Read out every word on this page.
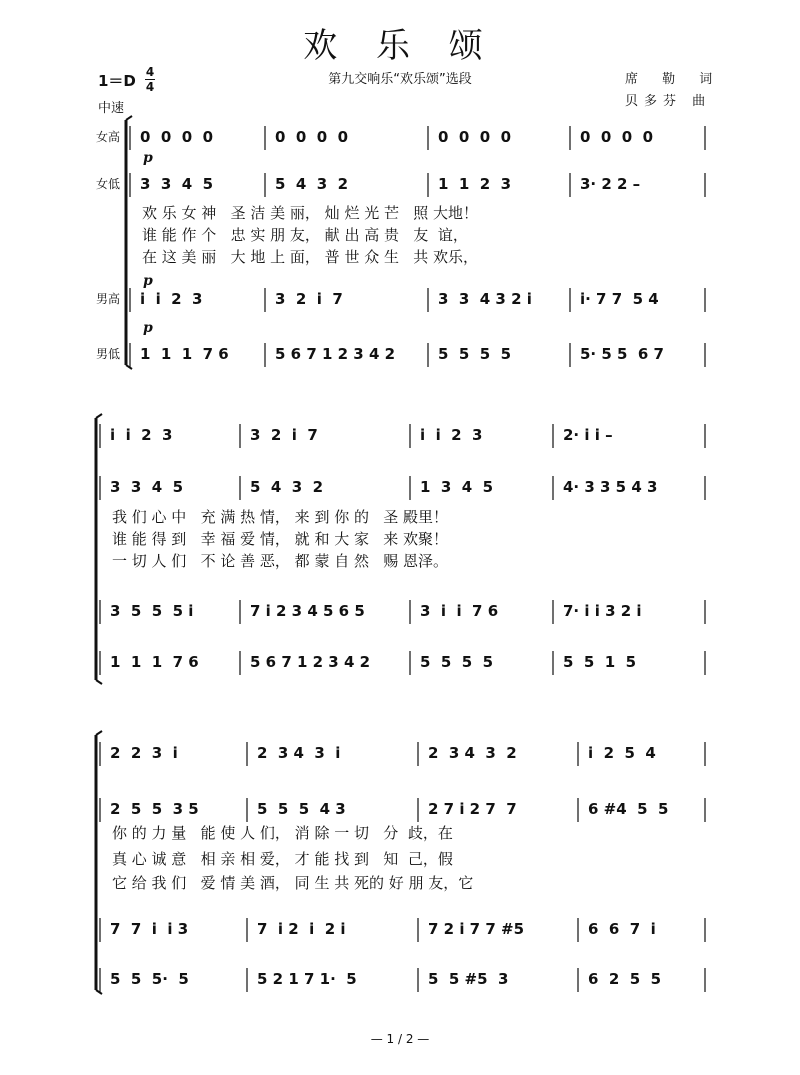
欢 乐 颂
1＝D 4
4
中速
第九交响乐“欢乐颂”选段	席 勒 词
贝多芬 曲
0  0  0  0	0  0  0  0	0  0  0  0	0  0  0  0
3  3  4  5	5  4  3  2	1  1  2  3	3· 2 2 –
i  i  2  3	3  2  i  7	3  3  4 3 2 i	i· 7 7  5 4
1  1  1  7 6	5 6 7 1 2 3 4 2	5  5  5  5	5· 5 5  6 7
欢 乐 女 神   圣 洁 美 丽， 灿 烂 光 芒   照 大地！
谁 能 作 个   忠 实 朋 友， 献 出 高 贵   友  谊，
在 这 美 丽   大 地 上 面， 普 世 众 生   共 欢乐，
女高
女低
男高
男低
p
p
p
i  i  2  3	3  2  i  7	i  i  2  3	2· i i –
3  3  4  5	5  4  3  2	1  3  4  5	4· 3 3 5 4 3
3  5  5  5 i	7 i 2 3 4 5 6 5	3  i  i  7 6	7· i i 3 2 i
1  1  1  7 6	5 6 7 1 2 3 4 2	5  5  5  5	5  5  1  5
我 们 心 中   充 满 热 情， 来 到 你 的   圣 殿里！
谁 能 得 到   幸 福 爱 情， 就 和 大 家   来 欢聚！
一 切 人 们   不 论 善 恶， 都 蒙 自 然   赐 恩泽。
2  2  3  i	2  3 4  3  i	2  3 4  3  2	i  2  5  4
2  5  5  3 5	5  5  5  4 3	2 7 i 2 7  7	6 #4  5  5
7  7  i  i 3	7  i 2  i  2 i	7 2 i 7 7 #5	6  6  7  i
5  5  5·  5	5 2 1 7 1·  5	5  5 #5  3	6  2  5  5
你 的 力 量   能 使 人 们， 消 除 一 切   分  歧，在
真 心 诚 意   相 亲 相 爱， 才 能 找 到   知  己，假
它 给 我 们   爱 情 美 酒， 同 生 共 死的 好 朋 友，它
— 1 / 2 —
